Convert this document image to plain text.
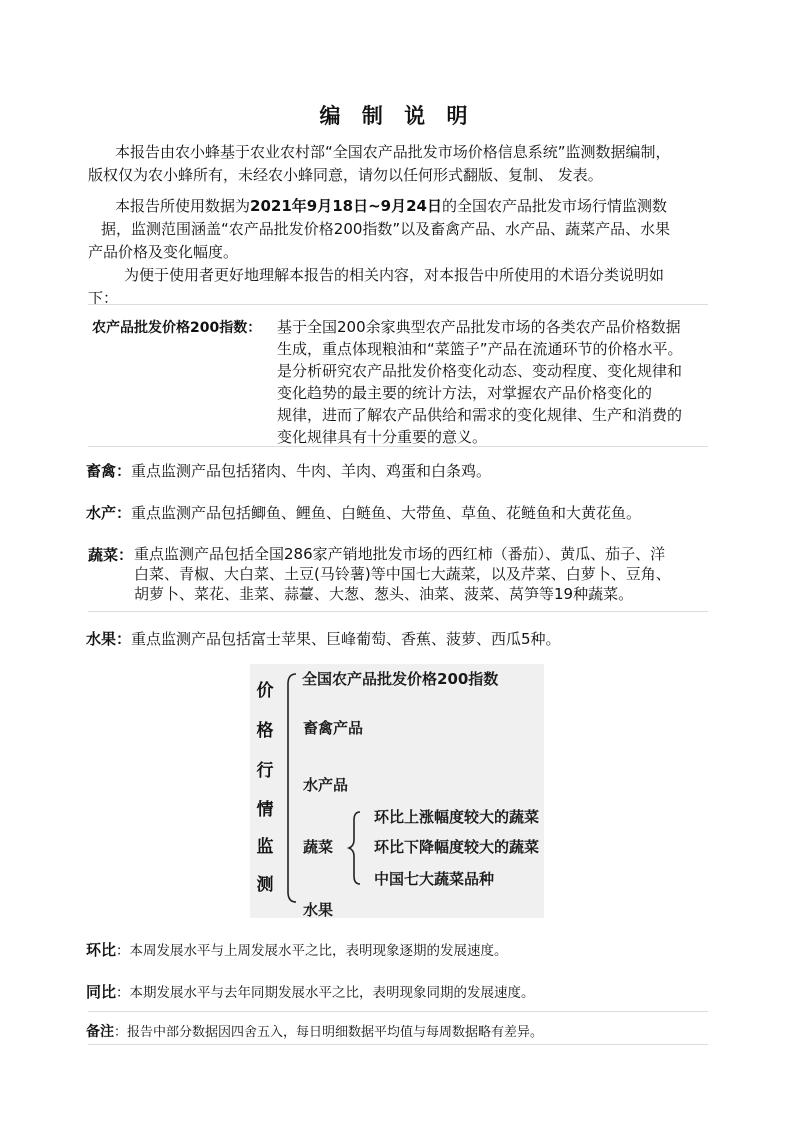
编 制 说 明
本报告由农小蜂基于农业农村部“全国农产品批发市场价格信息系统”监测数据编制，
版权仅为农小蜂所有，未经农小蜂同意，请勿以任何形式翻版、复制、 发表。
本报告所使用数据为2021年9月18日~9月24日的全国农产品批发市场行情监测数
据，监测范围涵盖“农产品批发价格200指数”以及畜禽产品、水产品、蔬菜产品、水果
产品价格及变化幅度。
为便于使用者更好地理解本报告的相关内容，对本报告中所使用的术语分类说明如
下：
农产品批发价格200指数： 基于全国200余家典型农产品批发市场的各类农产品价格数据
生成，重点体现粮油和“菜篮子”产品在流通环节的价格水平。
是分析研究农产品批发价格变化动态、变动程度、变化规律和
变化趋势的最主要的统计方法，对掌握农产品价格变化的
规律，进而了解农产品供给和需求的变化规律、生产和消费的
变化规律具有十分重要的意义。
畜禽：重点监测产品包括猪肉、牛肉、羊肉、鸡蛋和白条鸡。
水产：重点监测产品包括鲫鱼、鲤鱼、白鲢鱼、大带鱼、草鱼、花鲢鱼和大黄花鱼。
蔬菜： 重点监测产品包括全国286家产销地批发市场的西红柿（番茄）、黄瓜、茄子、洋
白菜、青椒、大白菜、土豆(马铃薯)等中国七大蔬菜，以及芹菜、白萝卜、豆角、
胡萝卜、菜花、韭菜、蒜薹、大葱、葱头、油菜、菠菜、莴笋等19种蔬菜。
水果：重点监测产品包括富士苹果、巨峰葡萄、香蕉、菠萝、西瓜5种。
价
格
行
情
监
测
全国农产品批发价格200指数
畜禽产品
水产品
蔬菜
水果
环比上涨幅度较大的蔬菜
环比下降幅度较大的蔬菜
中国七大蔬菜品种
环比：本周发展水平与上周发展水平之比，表明现象逐期的发展速度。
同比：本期发展水平与去年同期发展水平之比，表明现象同期的发展速度。
备注：报告中部分数据因四舍五入，每日明细数据平均值与每周数据略有差异。
